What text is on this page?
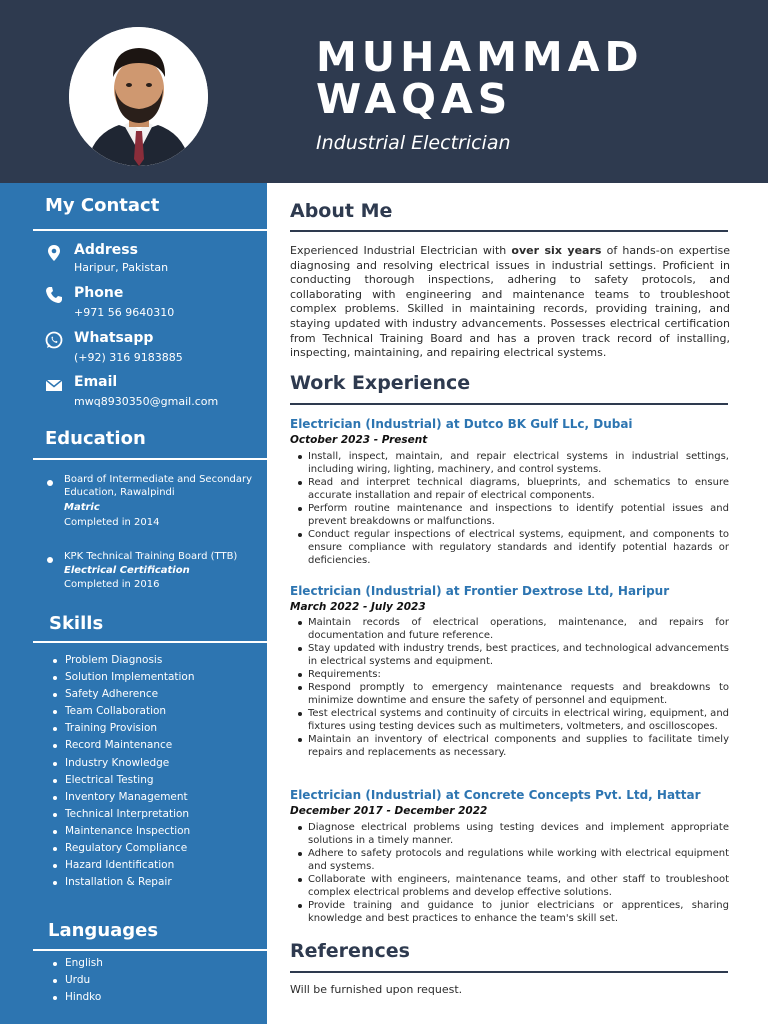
MUHAMMAD
WAQAS
Industrial Electrician
My Contact
Address
Haripur, Pakistan
Phone
+971 56 9640310
Whatsapp
(+92) 316 9183885
Email
mwq8930350@gmail.com
Education
Board of Intermediate and Secondary Education, Rawalpindi
Matric
Completed in 2014
KPK Technical Training Board (TTB)
Electrical Certification
Completed in 2016
Skills
Problem Diagnosis
Solution Implementation
Safety Adherence
Team Collaboration
Training Provision
Record Maintenance
Industry Knowledge
Electrical Testing
Inventory Management
Technical Interpretation
Maintenance Inspection
Regulatory Compliance
Hazard Identification
Installation & Repair
Languages
English
Urdu
Hindko
About Me
Experienced Industrial Electrician with over six years of hands-on expertise diagnosing and resolving electrical issues in industrial settings. Proficient in conducting thorough inspections, adhering to safety protocols, and collaborating with engineering and maintenance teams to troubleshoot complex problems. Skilled in maintaining records, providing training, and staying updated with industry advancements. Possesses electrical certification from Technical Training Board and has a proven track record of installing, inspecting, maintaining, and repairing electrical systems.
Work Experience
Electrician (Industrial) at Dutco BK Gulf LLc, Dubai
October 2023 - Present
Install, inspect, maintain, and repair electrical systems in industrial settings, including wiring, lighting, machinery, and control systems.
Read and interpret technical diagrams, blueprints, and schematics to ensure accurate installation and repair of electrical components.
Perform routine maintenance and inspections to identify potential issues and prevent breakdowns or malfunctions.
Conduct regular inspections of electrical systems, equipment, and components to ensure compliance with regulatory standards and identify potential hazards or deficiencies.
Electrician (Industrial) at Frontier Dextrose Ltd, Haripur
March 2022 - July 2023
Maintain records of electrical operations, maintenance, and repairs for documentation and future reference.
Stay updated with industry trends, best practices, and technological advancements in electrical systems and equipment.
Requirements:
Respond promptly to emergency maintenance requests and breakdowns to minimize downtime and ensure the safety of personnel and equipment.
Test electrical systems and continuity of circuits in electrical wiring, equipment, and fixtures using testing devices such as multimeters, voltmeters, and oscilloscopes.
Maintain an inventory of electrical components and supplies to facilitate timely repairs and replacements as necessary.
Electrician (Industrial) at Concrete Concepts Pvt. Ltd, Hattar
December 2017 - December 2022
Diagnose electrical problems using testing devices and implement appropriate solutions in a timely manner.
Adhere to safety protocols and regulations while working with electrical equipment and systems.
Collaborate with engineers, maintenance teams, and other staff to troubleshoot complex electrical problems and develop effective solutions.
Provide training and guidance to junior electricians or apprentices, sharing knowledge and best practices to enhance the team's skill set.
References
Will be furnished upon request.
